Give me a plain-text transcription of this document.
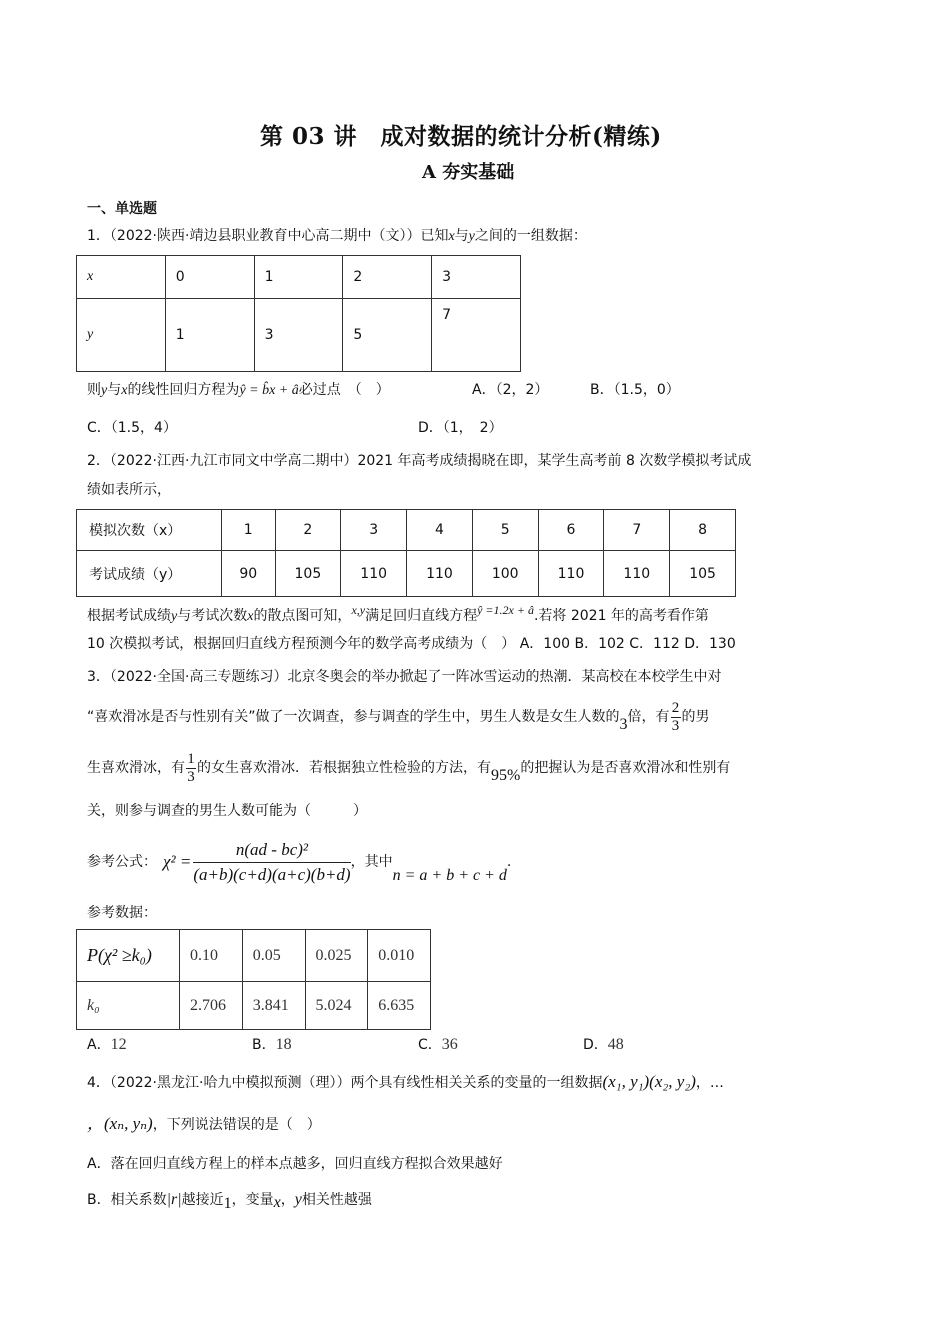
第 03 讲　成对数据的统计分析(精练)
A 夯实基础
一、单选题
1．（2022·陕西·靖边县职业教育中心高二期中（文））已知x与y之间的一组数据：
x	0	1	2	3
y	1	3	5	7
则y与x的线性回归方程为ŷ = b̂x + â必过点　（　）	A．（2，2）	B．（1.5，0）
C．（1.5，4）	D．（1， 2）
2．（2022·江西·九江市同文中学高二期中）2021 年高考成绩揭晓在即，某学生高考前 8 次数学模拟考试成
绩如表所示，
模拟次数（x）	1	2	3	4	5	6	7	8
考试成绩（y）	90	105	110	110	100	110	110	105
根据考试成绩y与考试次数x的散点图可知，x,y满足回归直线方程ŷ =1.2x + â.若将 2021 年的高考看作第
10 次模拟考试，根据回归直线方程预测今年的数学高考成绩为（　） A．100 B．102 C．112 D．130
3．（2022·全国·高三专题练习）北京冬奥会的举办掀起了一阵冰雪运动的热潮．某高校在本校学生中对
“喜欢滑冰是否与性别有关”做了一次调查，参与调查的学生中，男生人数是女生人数的 3 倍，有 $\frac{2}{3}$ 的男
生喜欢滑冰，有 $\frac{1}{3}$ 的女生喜欢滑冰．若根据独立性检验的方法，有 95% 的把握认为是否喜欢滑冰和性别有
关，则参与调查的男生人数可能为（　　　）
参考公式： $\chi^2 = \frac{\text{n(ad - bc)²}}{(a+b)(c+d)(a+c)(b+d)}$ ，其中
n = a + b + c + d
.
参考数据：
P(χ² ≥k₀)	0.10	0.05	0.025	0.010
k₀	2.706	3.841	5.024	6.635
A．12	B．18	C．36	D．48
4．（2022·黑龙江·哈九中模拟预测（理））两个具有线性相关关系的变量的一组数据(x₁, y₁)(x₂, y₂)，…
，(xₙ, yₙ)，下列说法错误的是（　）
A．落在回归直线方程上的样本点越多，回归直线方程拟合效果越好
B．相关系数|r|越接近1，变量x，y相关性越强
